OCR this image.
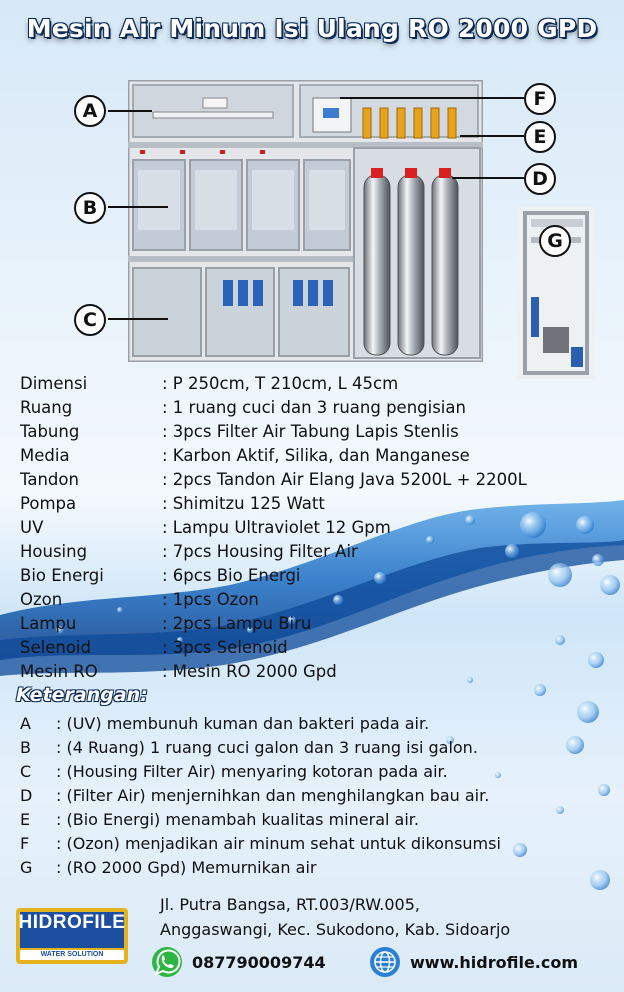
Mesin Air Minum Isi Ulang RO 2000 GPD
A
B
C
F
E
D
G
Dimensi	: P 250cm, T 210cm, L 45cm
Ruang	: 1 ruang cuci dan 3 ruang pengisian
Tabung	: 3pcs Filter Air Tabung Lapis Stenlis
Media	: Karbon Aktif, Silika, dan Manganese
Tandon	: 2pcs Tandon Air Elang Java 5200L + 2200L
Pompa	: Shimitzu 125 Watt
UV	: Lampu Ultraviolet 12 Gpm
Housing	: 7pcs Housing Filter Air
Bio Energi	: 6pcs Bio Energi
Ozon	: 1pcs Ozon
Lampu	: 2pcs Lampu Biru
Selenoid	: 3pcs Selenoid
Mesin RO	: Mesin RO 2000 Gpd
Keterangan:
A : (UV) membunuh kuman dan bakteri pada air.
B : (4 Ruang) 1 ruang cuci galon dan 3 ruang isi galon.
C : (Housing Filter Air) menyaring kotoran pada air.
D : (Filter Air) menjernihkan dan menghilangkan bau air.
E : (Bio Energi) menambah kualitas mineral air.
F : (Ozon) menjadikan air minum sehat untuk dikonsumsi
G : (RO 2000 Gpd) Memurnikan air
HIDROFILE
WATER SOLUTION
Jl. Putra Bangsa, RT.003/RW.005,
Anggaswangi, Kec. Sukodono, Kab. Sidoarjo
087790009744	www.hidrofile.com
